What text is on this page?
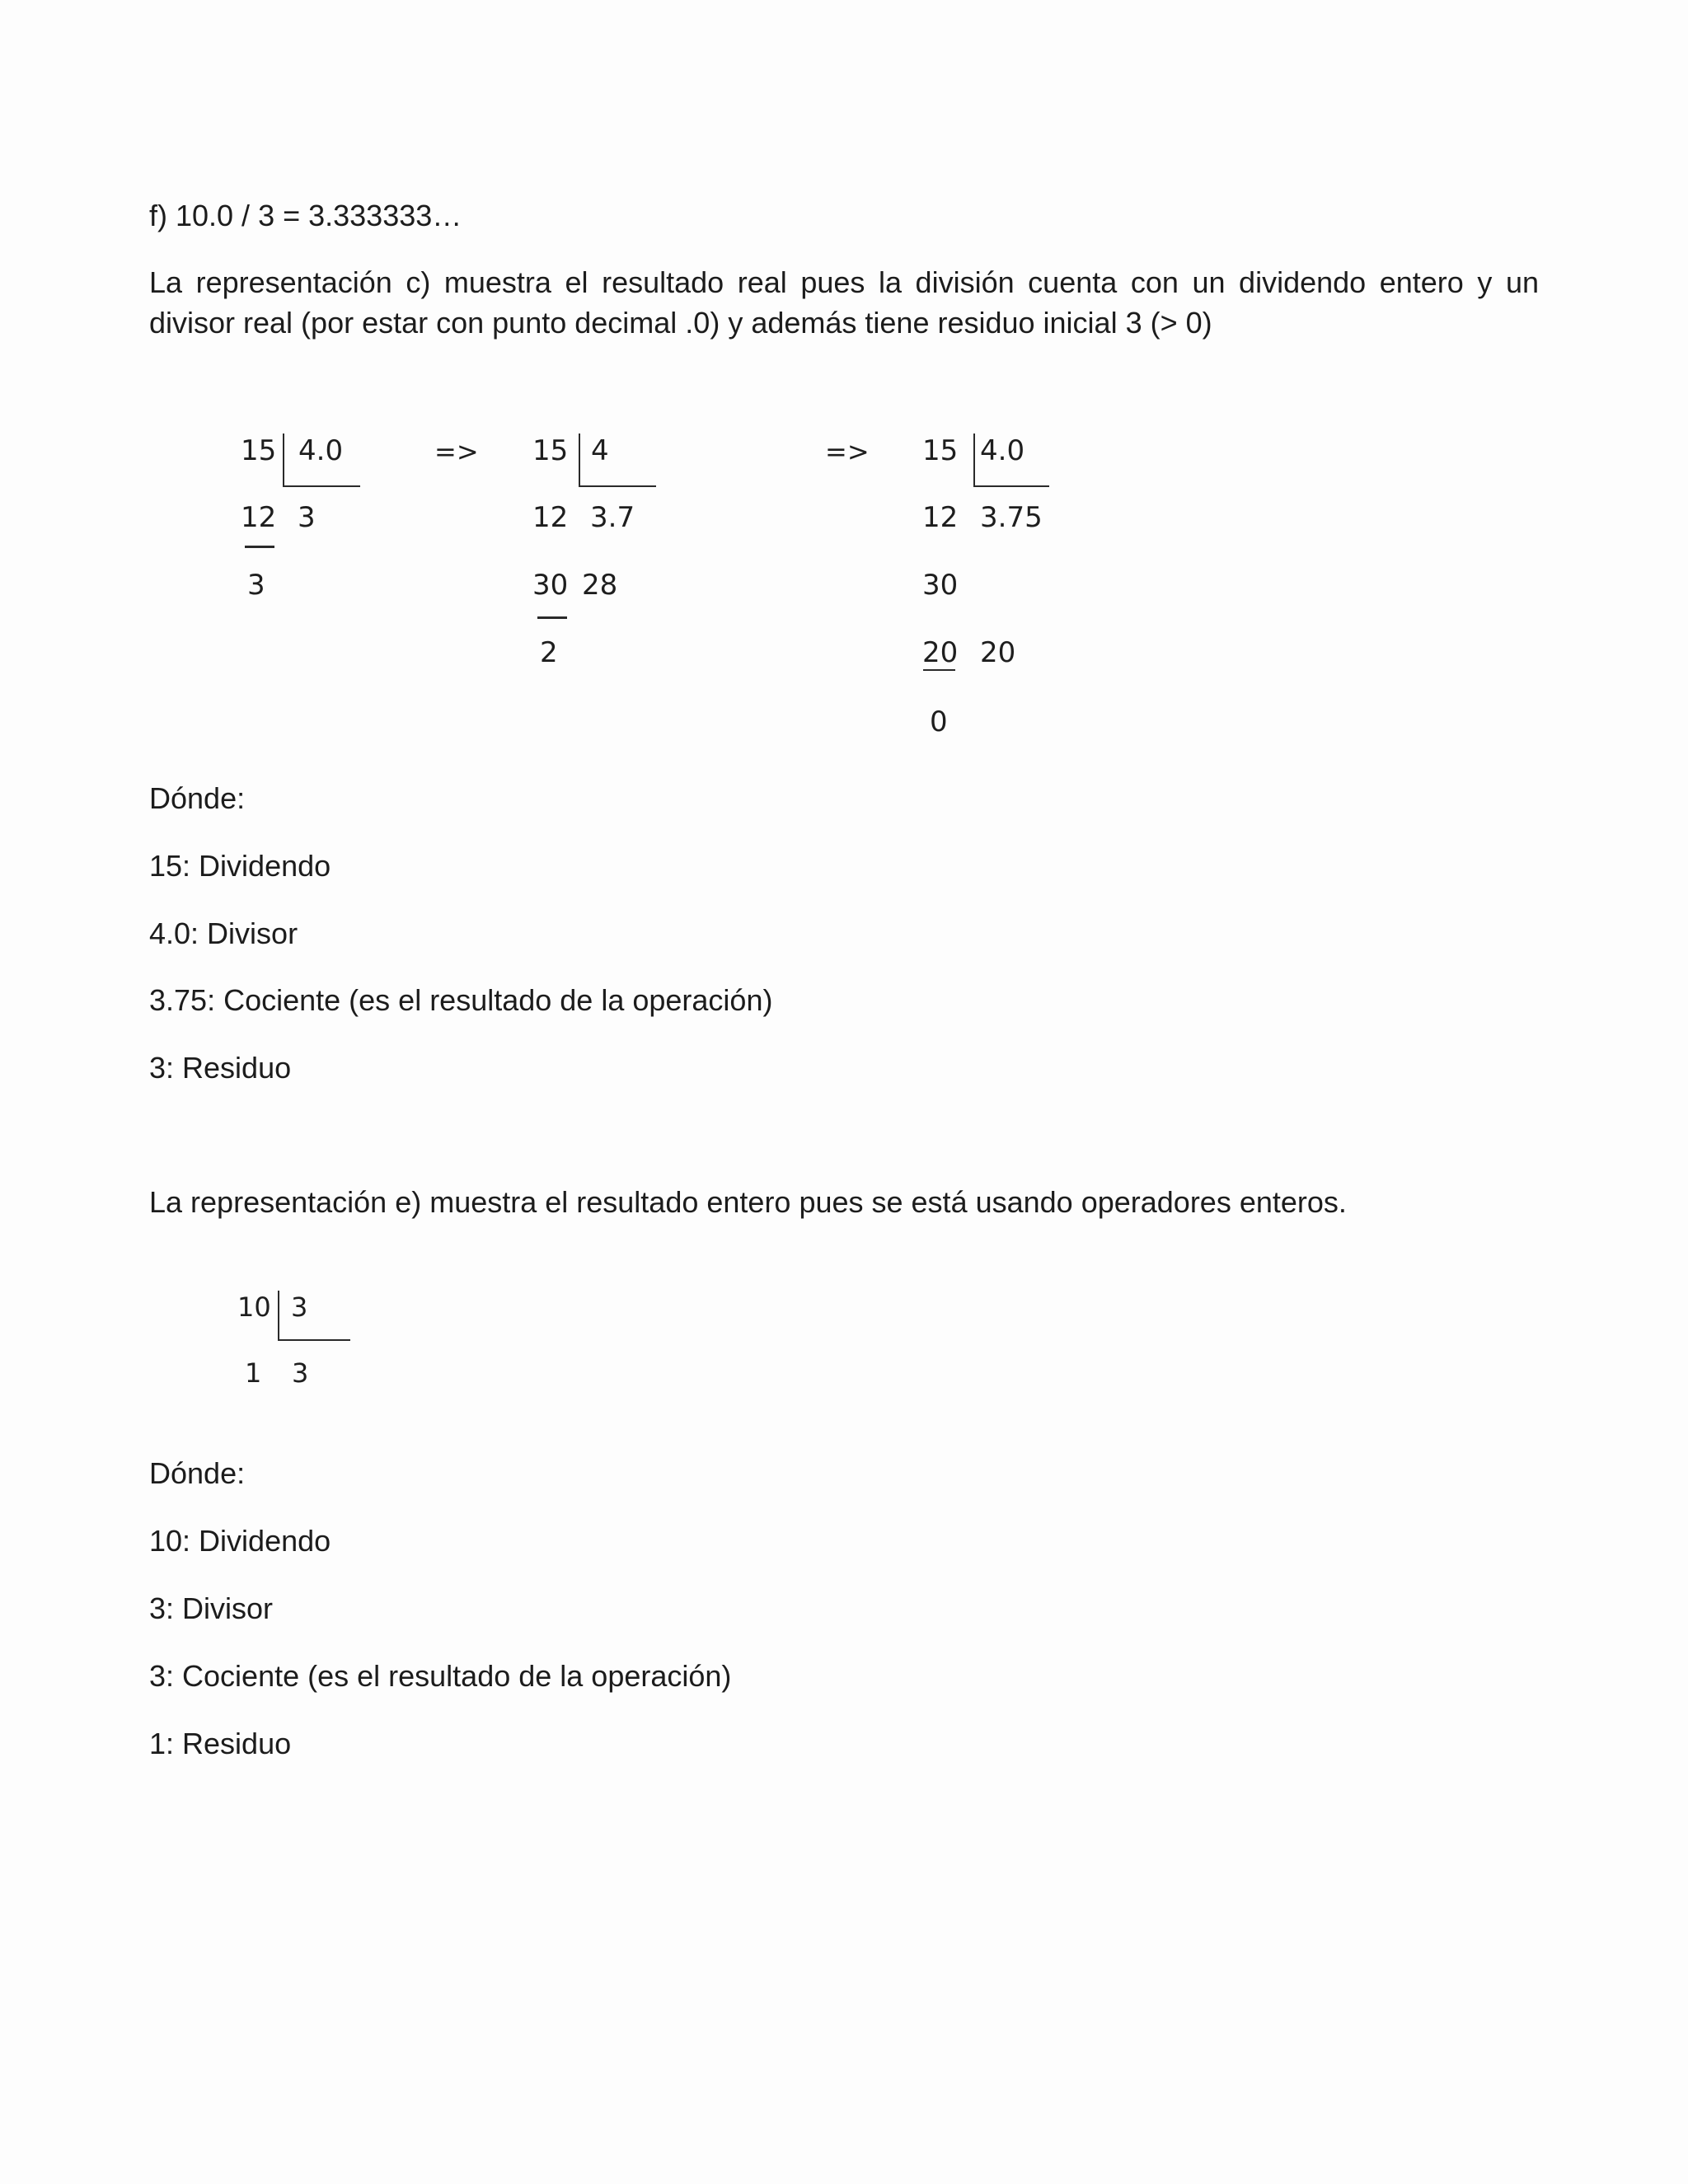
f) 10.0 / 3 = 3.333333…
La representación c) muestra el resultado real pues la división cuenta con un dividendo entero y un
divisor real (por estar con punto decimal .0) y además tiene residuo inicial 3 (> 0)
15 4.0
12 3
3
=> 15 4
12 3.7
30 28
2
=> 15 4.0
12 3.75
30
20 20
0
Dónde:
15: Dividendo
4.0: Divisor
3.75: Cociente (es el resultado de la operación)
3: Residuo
La representación e) muestra el resultado entero pues se está usando operadores enteros.
10 3
1 3
Dónde:
10: Dividendo
3: Divisor
3: Cociente (es el resultado de la operación)
1: Residuo
